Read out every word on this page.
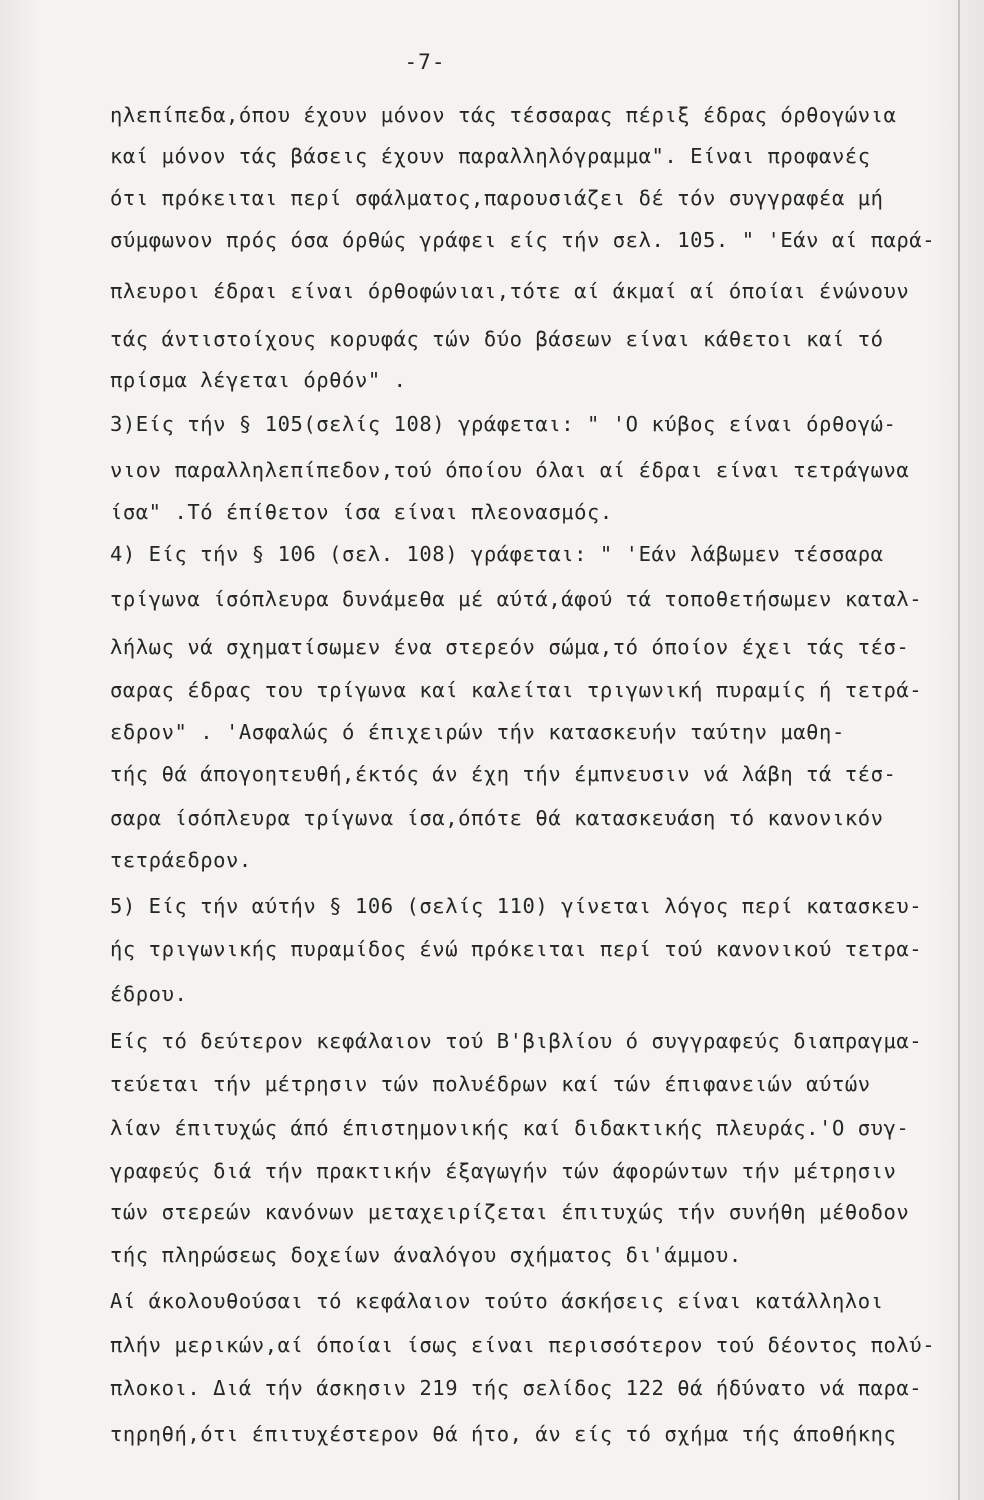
-7-
ηλεπίπεδα,όπου έχουν μόνον τάς τέσσαρας πέριξ έδρας όρθογώνια
καί μόνον τάς βάσεις έχουν παραλληλόγραμμα". Είναι προφανές
ότι πρόκειται περί σφάλματος,παρουσιάζει δέ τόν συγγραφέα μή
σύμφωνον πρός όσα όρθώς γράφει είς τήν σελ. 105. " 'Εάν αί παρά-
πλευροι έδραι είναι όρθοφώνιαι,τότε αί άκμαί αί όποίαι ένώνουν
τάς άντιστοίχους κορυφάς τών δύο βάσεων είναι κάθετοι καί τό
πρίσμα λέγεται όρθόν" .
3)Είς τήν § 105(σελίς 108) γράφεται: " 'Ο κύβος είναι όρθογώ-
νιον παραλληλεπίπεδον,τού όποίου όλαι αί έδραι είναι τετράγωνα
ίσα" .Τό έπίθετον ίσα είναι πλεονασμός.
4) Είς τήν § 106 (σελ. 108) γράφεται: " 'Εάν λάβωμεν τέσσαρα
τρίγωνα ίσόπλευρα δυνάμεθα μέ αύτά,άφού τά τοποθετήσωμεν καταλ-
λήλως νά σχηματίσωμεν ένα στερεόν σώμα,τό όποίον έχει τάς τέσ-
σαρας έδρας του τρίγωνα καί καλείται τριγωνική πυραμίς ή τετρά-
εδρον" . 'Ασφαλώς ό έπιχειρών τήν κατασκευήν ταύτην μαθη-
τής θά άπογοητευθή,έκτός άν έχη τήν έμπνευσιν νά λάβη τά τέσ-
σαρα ίσόπλευρα τρίγωνα ίσα,όπότε θά κατασκευάση τό κανονικόν
τετράεδρον.
5) Είς τήν αύτήν § 106 (σελίς 110) γίνεται λόγος περί κατασκευ-
ής τριγωνικής πυραμίδος ένώ πρόκειται περί τού κανονικού τετρα-
έδρου.
Είς τό δεύτερον κεφάλαιον τού Β'βιβλίου ό συγγραφεύς διαπραγμα-
τεύεται τήν μέτρησιν τών πολυέδρων καί τών έπιφανειών αύτών
λίαν έπιτυχώς άπό έπιστημονικής καί διδακτικής πλευράς.'Ο συγ-
γραφεύς διά τήν πρακτικήν έξαγωγήν τών άφορώντων τήν μέτρησιν
τών στερεών κανόνων μεταχειρίζεται έπιτυχώς τήν συνήθη μέθοδον
τής πληρώσεως δοχείων άναλόγου σχήματος δι'άμμου.
Αί άκολουθούσαι τό κεφάλαιον τούτο άσκήσεις είναι κατάλληλοι
πλήν μερικών,αί όποίαι ίσως είναι περισσότερον τού δέοντος πολύ-
πλοκοι. Διά τήν άσκησιν 219 τής σελίδος 122 θά ήδύνατο νά παρα-
τηρηθή,ότι έπιτυχέστερον θά ήτο, άν είς τό σχήμα τής άποθήκης
